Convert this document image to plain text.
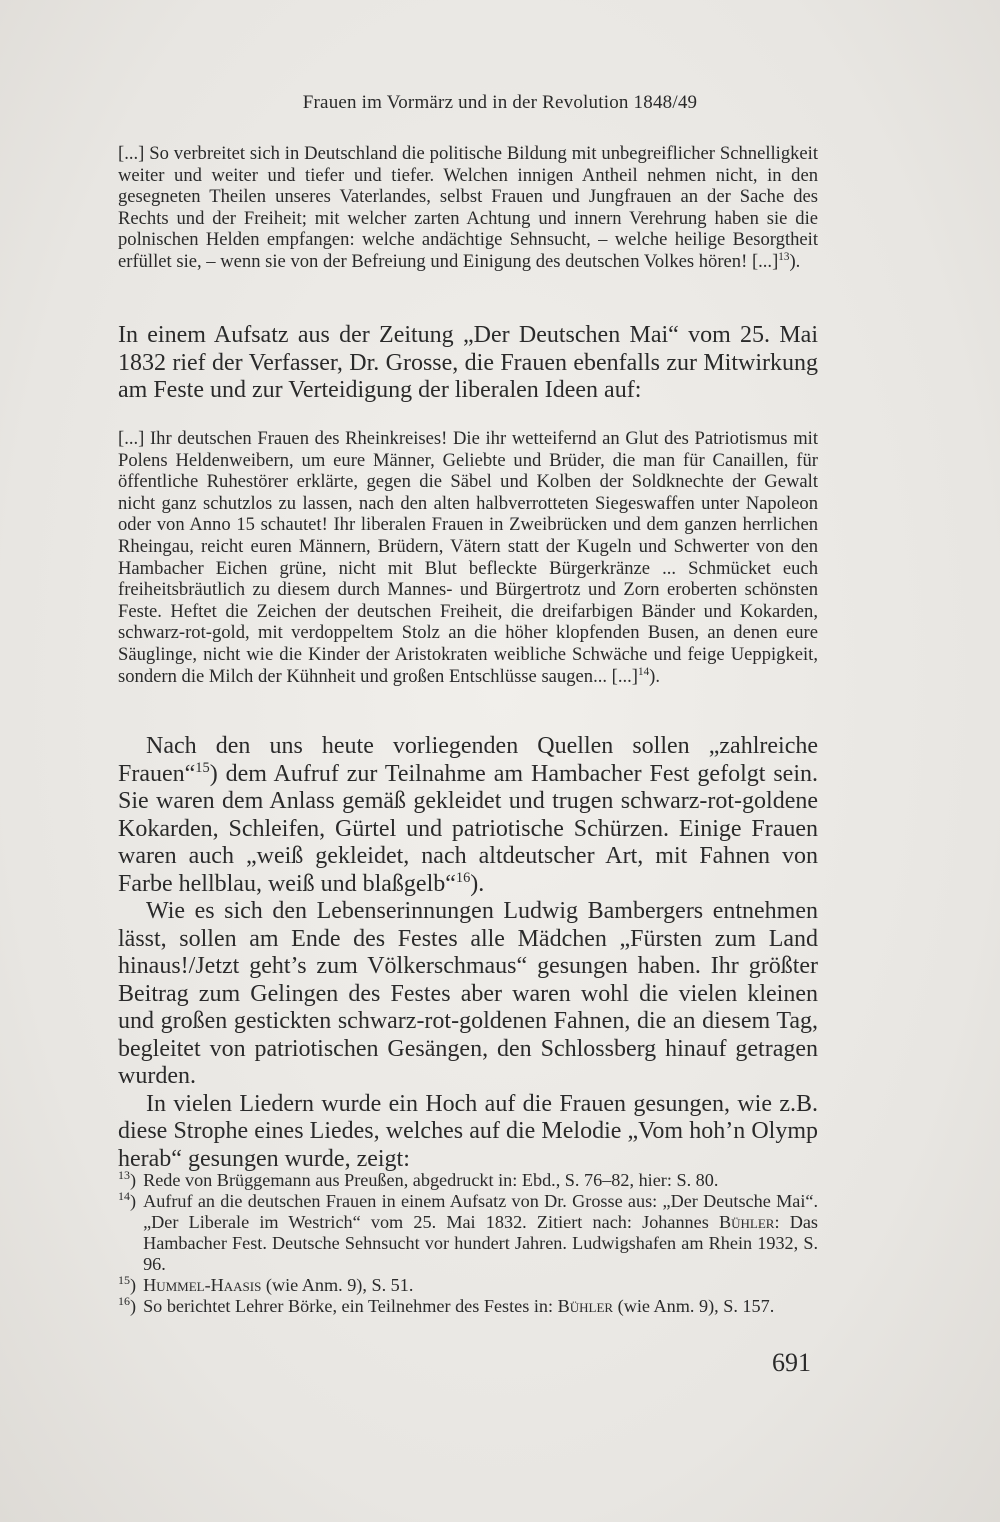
Frauen im Vormärz und in der Revolution 1848/49

[...] So verbreitet sich in Deutschland die politische Bildung mit unbegreiflicher Schnelligkeit weiter und weiter und tiefer und tiefer. Welchen innigen Antheil nehmen nicht, in den gesegneten Theilen unseres Vaterlandes, selbst Frauen und Jungfrauen an der Sache des Rechts und der Freiheit; mit welcher zarten Achtung und innern Verehrung haben sie die polnischen Helden empfangen: welche andächtige Sehnsucht, – welche heilige Besorgtheit erfüllet sie, – wenn sie von der Befreiung und Einigung des deutschen Volkes hören! [...]$^{13}$).

In einem Aufsatz aus der Zeitung „Der Deutschen Mai“ vom 25. Mai 1832 rief der Verfasser, Dr. Grosse, die Frauen ebenfalls zur Mitwirkung am Feste und zur Verteidigung der liberalen Ideen auf:

[...] Ihr deutschen Frauen des Rheinkreises! Die ihr wetteifernd an Glut des Patriotismus mit Polens Heldenweibern, um eure Männer, Geliebte und Brüder, die man für Canaillen, für öffentliche Ruhestörer erklärte, gegen die Säbel und Kolben der Soldknechte der Gewalt nicht ganz schutzlos zu lassen, nach den alten halbverrotteten Siegeswaffen unter Napoleon oder von Anno 15 schautet! Ihr liberalen Frauen in Zweibrücken und dem ganzen herrlichen Rheingau, reicht euren Männern, Brüdern, Vätern statt der Kugeln und Schwerter von den Hambacher Eichen grüne, nicht mit Blut befleckte Bürgerkränze ... Schmücket euch freiheitsbräutlich zu diesem durch Mannes- und Bürgertrotz und Zorn eroberten schönsten Feste. Heftet die Zeichen der deutschen Freiheit, die dreifarbigen Bänder und Kokarden, schwarz-rot-gold, mit verdoppeltem Stolz an die höher klopfenden Busen, an denen eure Säuglinge, nicht wie die Kinder der Aristokraten weibliche Schwäche und feige Ueppigkeit, sondern die Milch der Kühnheit und großen Entschlüsse saugen... [...]$^{14}$).

Nach den uns heute vorliegenden Quellen sollen „zahlreiche Frauen“$^{15}$) dem Aufruf zur Teilnahme am Hambacher Fest gefolgt sein. Sie waren dem Anlass gemäß gekleidet und trugen schwarz-rot-goldene Kokarden, Schleifen, Gürtel und patriotische Schürzen. Einige Frauen waren auch „weiß gekleidet, nach altdeutscher Art, mit Fahnen von Farbe hellblau, weiß und blaßgelb“$^{16}$).

Wie es sich den Lebenserinnungen Ludwig Bambergers entnehmen lässt, sollen am Ende des Festes alle Mädchen „Fürsten zum Land hinaus!/Jetzt geht’s zum Völkerschmaus“ gesungen haben. Ihr größter Beitrag zum Gelingen des Festes aber waren wohl die vielen kleinen und großen gestickten schwarz-rot-goldenen Fahnen, die an diesem Tag, begleitet von patriotischen Gesängen, den Schlossberg hinauf getragen wurden.

In vielen Liedern wurde ein Hoch auf die Frauen gesungen, wie z.B. diese Strophe eines Liedes, welches auf die Melodie „Vom hoh’n Olymp herab“ gesungen wurde, zeigt:

$^{13}$) Rede von Brüggemann aus Preußen, abgedruckt in: Ebd., S. 76–82, hier: S. 80.
$^{14}$) Aufruf an die deutschen Frauen in einem Aufsatz von Dr. Grosse aus: „Der Deutsche Mai“. „Der Liberale im Westrich“ vom 25. Mai 1832. Zitiert nach: Johannes Bühler: Das Hambacher Fest. Deutsche Sehnsucht vor hundert Jahren. Ludwigshafen am Rhein 1932, S. 96.
$^{15}$) Hummel-Haasis (wie Anm. 9), S. 51.
$^{16}$) So berichtet Lehrer Börke, ein Teilnehmer des Festes in: Bühler (wie Anm. 9), S. 157.
691
